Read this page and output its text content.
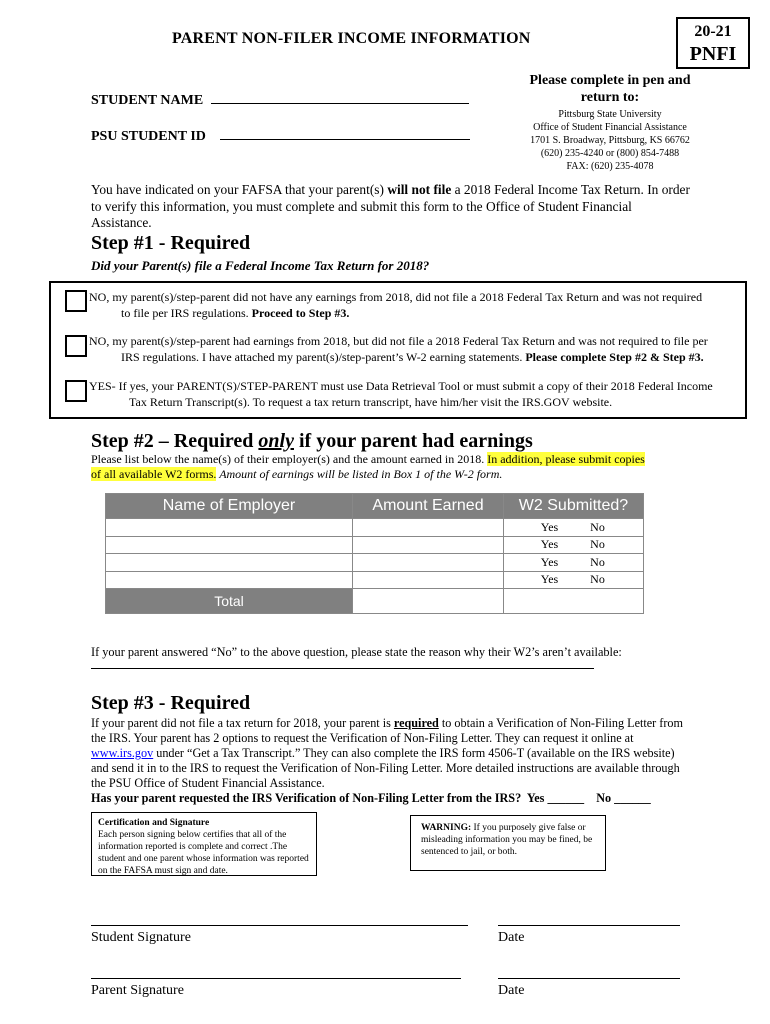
PARENT NON-FILER INCOME INFORMATION	20-21
PNFI
STUDENT NAME
PSU STUDENT ID
Please complete in pen and
return to:
Pittsburg State University
Office of Student Financial Assistance
1701 S. Broadway, Pittsburg, KS 66762
(620) 235-4240 or (800) 854-7488
FAX: (620) 235-4078
You have indicated on your FAFSA that your parent(s) will not file a 2018 Federal Income Tax Return. In order to verify this information, you must complete and submit this form to the Office of Student Financial Assistance.
Step #1 - Required
Did your Parent(s) file a Federal Income Tax Return for 2018?
NO, my parent(s)/step-parent did not have any earnings from 2018, did not file a 2018 Federal Tax Return and was not required
to file per IRS regulations. Proceed to Step #3.
NO, my parent(s)/step-parent had earnings from 2018, but did not file a 2018 Federal Tax Return and was not required to file per
IRS regulations. I have attached my parent(s)/step-parent’s W-2 earning statements. Please complete Step #2 & Step #3.
YES- If yes, your PARENT(S)/STEP-PARENT must use Data Retrieval Tool or must submit a copy of their 2018 Federal Income
Tax Return Transcript(s). To request a tax return transcript, have him/her visit the IRS.GOV website.
Step #2 – Required only if your parent had earnings
Please list below the name(s) of their employer(s) and the amount earned in 2018. In addition, please submit copies
of all available W2 forms. Amount of earnings will be listed in Box 1 of the W-2 form.
Name of Employer	Amount Earned	W2 Submitted?
		Yes No
		Yes No
		Yes No
		Yes No
Total		
If your parent answered “No” to the above question, please state the reason why their W2’s aren’t available:
Step #3 - Required
If your parent did not file a tax return for 2018, your parent is required to obtain a Verification of Non-Filing Letter from the IRS. Your parent has 2 options to request the Verification of Non-Filing Letter. They can request it online at www.irs.gov under “Get a Tax Transcript.” They can also complete the IRS form 4506-T (available on the IRS website) and send it in to the IRS to request the Verification of Non-Filing Letter. More detailed instructions are available through the PSU Office of Student Financial Assistance.
Has your parent requested the IRS Verification of Non-Filing Letter from the IRS? Yes ______ No ______
Certification and Signature
Each person signing below certifies that all of the information reported is complete and correct .The student and one parent whose information was reported on the FAFSA must sign and date.
WARNING: If you purposely give false or misleading information you may be fined, be sentenced to jail, or both.
Student Signature	Date
Parent Signature	Date
